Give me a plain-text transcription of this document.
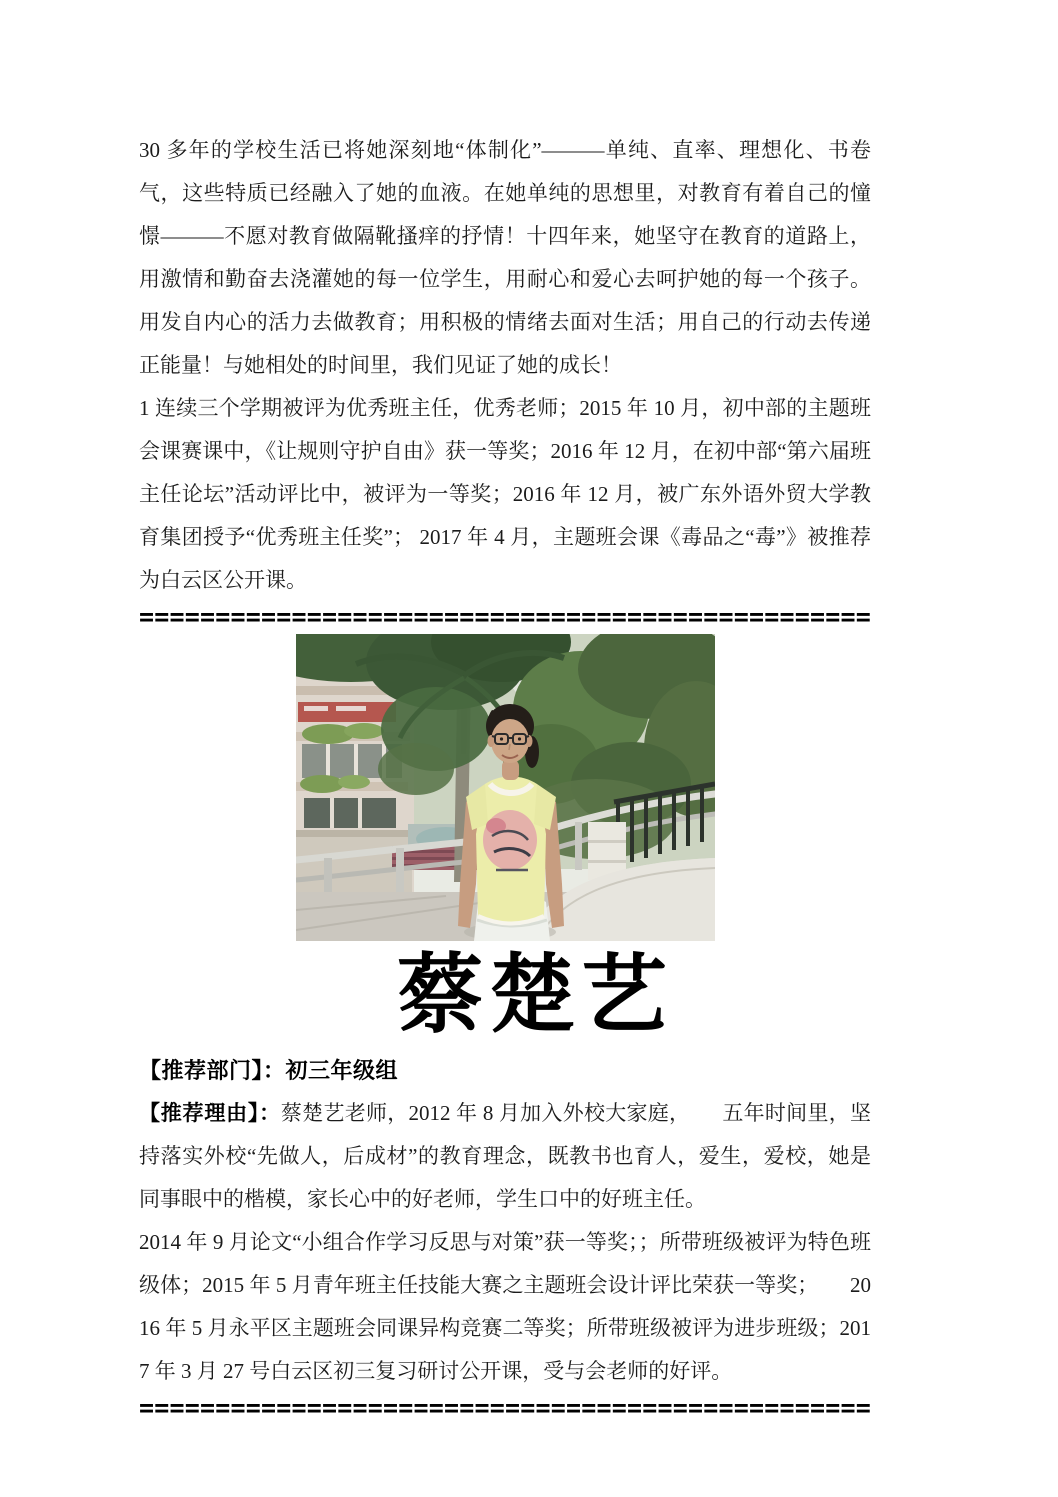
30 多年的学校生活已将她深刻地“体制化”———单纯、直率、理想化、书卷气，这些特质已经融入了她的血液。在她单纯的思想里，对教育有着自己的憧憬———不愿对教育做隔靴搔痒的抒情！十四年来，她坚守在教育的道路上，用激情和勤奋去浇灌她的每一位学生，用耐心和爱心去呵护她的每一个孩子。用发自内心的活力去做教育；用积极的情绪去面对生活；用自己的行动去传递正能量！与她相处的时间里，我们见证了她的成长！

1 连续三个学期被评为优秀班主任，优秀老师；2015 年 10 月，初中部的主题班会课赛课中，《让规则守护自由》获一等奖；2016 年 12 月，在初中部“第六届班主任论坛”活动评比中，被评为一等奖；2016 年 12 月，被广东外语外贸大学教育集团授予“优秀班主任奖”； 2017 年 4 月，主题班会课《毒品之“毒”》被推荐为白云区公开课。

================================================
蔡楚艺

【推荐部门】：初三年级组

【推荐理由】：蔡楚艺老师，2012 年 8 月加入外校大家庭，　　五年时间里，坚持落实外校“先做人，后成材”的教育理念，既教书也育人，爱生，爱校，她是同事眼中的楷模，家长心中的好老师，学生口中的好班主任。

2014 年 9 月论文“小组合作学习反思与对策”获一等奖；；所带班级被评为特色班级体；2015 年 5 月青年班主任技能大赛之主题班会设计评比荣获一等奖；　　2016 年 5 月永平区主题班会同课异构竞赛二等奖；所带班级被评为进步班级；2017 年 3 月 27 号白云区初三复习研讨公开课，受与会老师的好评。

================================================
